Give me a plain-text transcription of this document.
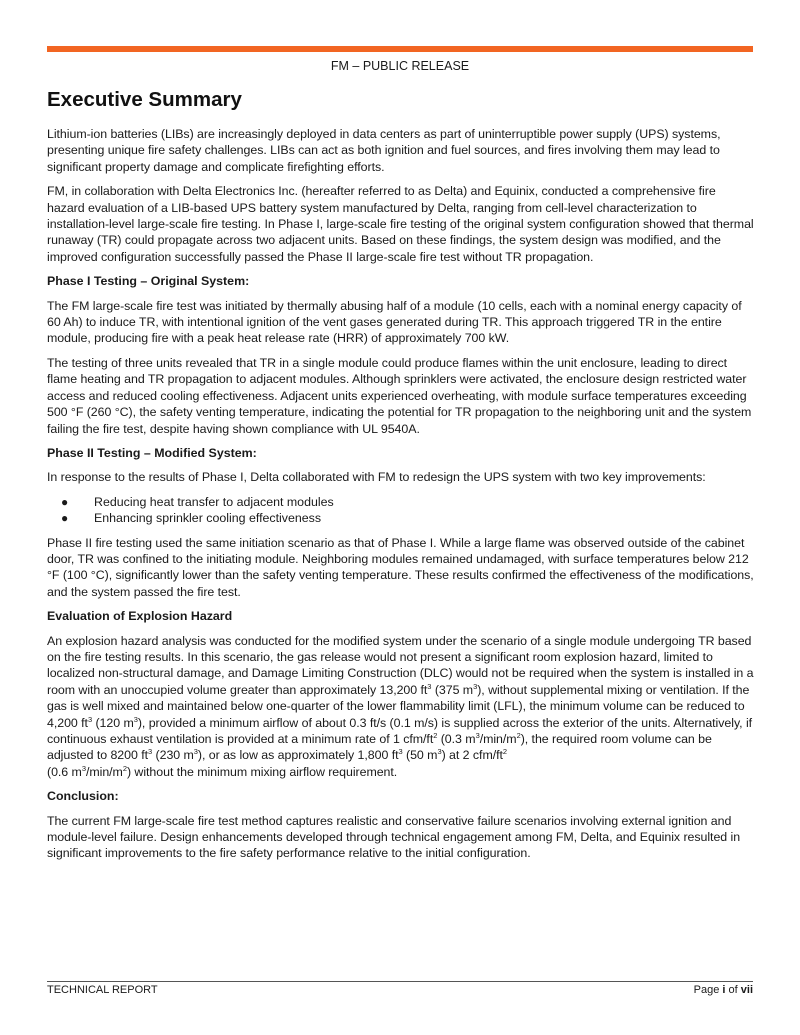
FM – PUBLIC RELEASE
Executive Summary

Lithium-ion batteries (LIBs) are increasingly deployed in data centers as part of uninterruptible power supply (UPS) systems, presenting unique fire safety challenges. LIBs can act as both ignition and fuel sources, and fires involving them may lead to significant property damage and complicate firefighting efforts.

FM, in collaboration with Delta Electronics Inc. (hereafter referred to as Delta) and Equinix, conducted a comprehensive fire hazard evaluation of a LIB-based UPS battery system manufactured by Delta, ranging from cell-level characterization to installation-level large-scale fire testing. In Phase I, large-scale fire testing of the original system configuration showed that thermal runaway (TR) could propagate across two adjacent units. Based on these findings, the system design was modified, and the improved configuration successfully passed the Phase II large-scale fire test without TR propagation.

Phase I Testing – Original System:

The FM large-scale fire test was initiated by thermally abusing half of a module (10 cells, each with a nominal energy capacity of 60 Ah) to induce TR, with intentional ignition of the vent gases generated during TR. This approach triggered TR in the entire module, producing fire with a peak heat release rate (HRR) of approximately 700 kW.

The testing of three units revealed that TR in a single module could produce flames within the unit enclosure, leading to direct flame heating and TR propagation to adjacent modules. Although sprinklers were activated, the enclosure design restricted water access and reduced cooling effectiveness. Adjacent units experienced overheating, with module surface temperatures exceeding 500 °F (260 °C), the safety venting temperature, indicating the potential for TR propagation to the neighboring unit and the system failing the fire test, despite having shown compliance with UL 9540A.

Phase II Testing – Modified System:

In response to the results of Phase I, Delta collaborated with FM to redesign the UPS system with two key improvements:

● Reducing heat transfer to adjacent modules
● Enhancing sprinkler cooling effectiveness

Phase II fire testing used the same initiation scenario as that of Phase I. While a large flame was observed outside of the cabinet door, TR was confined to the initiating module. Neighboring modules remained undamaged, with surface temperatures below 212 °F (100 °C), significantly lower than the safety venting temperature. These results confirmed the effectiveness of the modifications, and the system passed the fire test.

Evaluation of Explosion Hazard

An explosion hazard analysis was conducted for the modified system under the scenario of a single module undergoing TR based on the fire testing results. In this scenario, the gas release would not present a significant room explosion hazard, limited to localized non-structural damage, and Damage Limiting Construction (DLC) would not be required when the system is installed in a room with an unoccupied volume greater than approximately 13,200 $ft^3$ (375 $m^3$), without supplemental mixing or ventilation. If the gas is well mixed and maintained below one-quarter of the lower flammability limit (LFL), the minimum volume can be reduced to 4,200 $ft^3$ (120 $m^3$), provided a minimum airflow of about 0.3 ft/s (0.1 m/s) is supplied across the exterior of the units. Alternatively, if continuous exhaust ventilation is provided at a minimum rate of 1 cfm/$ft^2$ (0.3 $m^3/\min/m^2$), the required room volume can be adjusted to 8200 $ft^3$ (230 $m^3$), or as low as approximately 1,800 $ft^3$ (50 $m^3$) at 2 cfm/$ft^2$
(0.6 $m^3/\min/m^2$) without the minimum mixing airflow requirement.

Conclusion:

The current FM large-scale fire test method captures realistic and conservative failure scenarios involving external ignition and module-level failure. Design enhancements developed through technical engagement among FM, Delta, and Equinix resulted in significant improvements to the fire safety performance relative to the initial configuration.

TECHNICAL REPORT	Page i of vii
